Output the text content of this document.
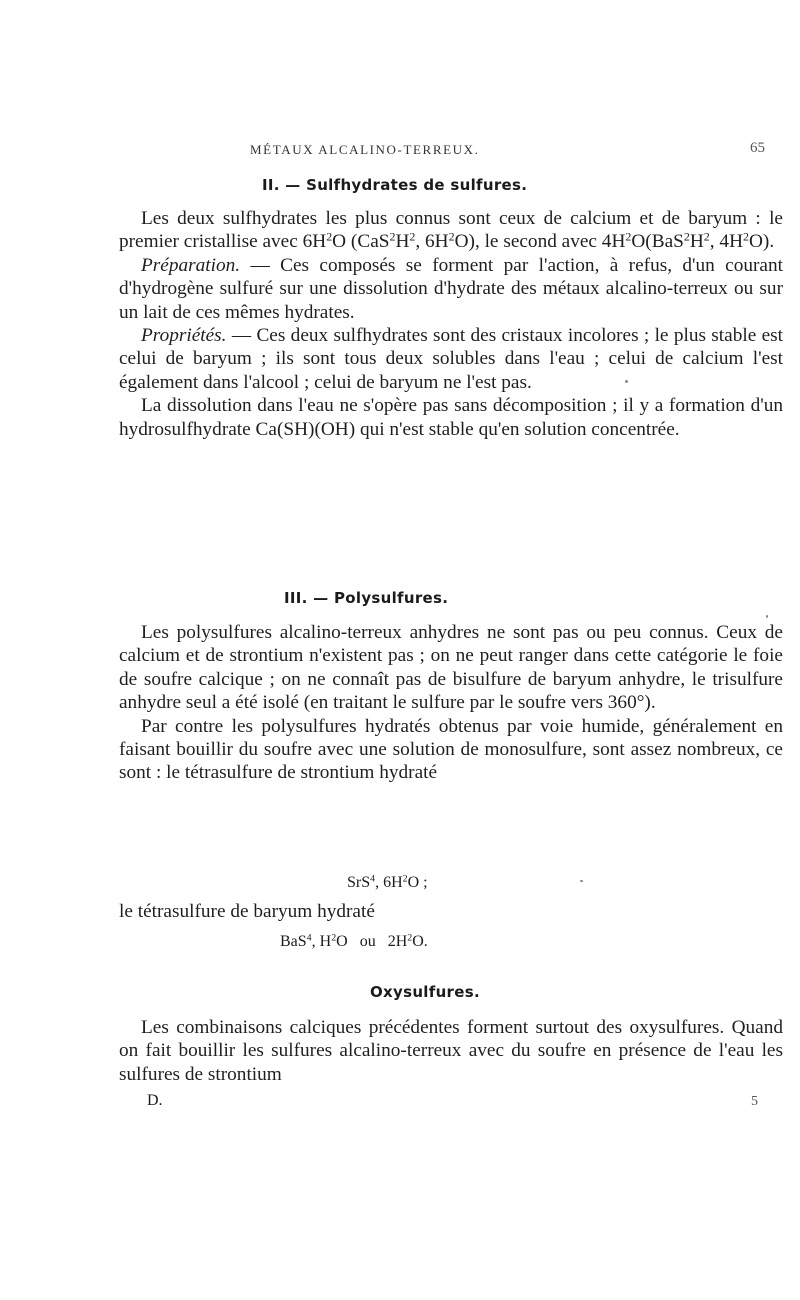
MÉTAUX ALCALINO-TERREUX.	65
II. — Sulfhydrates de sulfures.

Les deux sulfhydrates les plus connus sont ceux de calcium et de baryum : le premier cristallise avec $6H^2O$ ($CaS^2H^2$, $6H^2O$), le second avec $4H^2O(BaS^2H^2$, $4H^2O$).

Préparation. — Ces composés se forment par l'action, à refus, d'un courant d'hydrogène sulfuré sur une dissolution d'hydrate des métaux alcalino-terreux ou sur un lait de ces mêmes hydrates.

Propriétés. — Ces deux sulfhydrates sont des cristaux incolores ; le plus stable est celui de baryum ; ils sont tous deux solubles dans l'eau ; celui de calcium l'est également dans l'alcool ; celui de baryum ne l'est pas.

La dissolution dans l'eau ne s'opère pas sans décomposition ; il y a formation d'un hydrosulfhydrate Ca(SH)(OH) qui n'est stable qu'en solution concentrée.

III. — Polysulfures.

Les polysulfures alcalino-terreux anhydres ne sont pas ou peu connus. Ceux de calcium et de strontium n'existent pas ; on ne peut ranger dans cette catégorie le foie de soufre calcique ; on ne connaît pas de bisulfure de baryum anhydre, le trisulfure anhydre seul a été isolé (en traitant le sulfure par le soufre vers 360°).

Par contre les polysulfures hydratés obtenus par voie humide, généralement en faisant bouillir du soufre avec une solution de monosulfure, sont assez nombreux, ce sont : le tétrasulfure de strontium hydraté

SrS$^4$, $6H^2O$ ;

le tétrasulfure de baryum hydraté

BaS$^4$, $H^2O$   ou   $2H^2O$.
Oxysulfures.

Les combinaisons calciques précédentes forment surtout des oxysulfures. Quand on fait bouillir les sulfures alcalino-terreux avec du soufre en présence de l'eau les sulfures de strontium

D.	5
